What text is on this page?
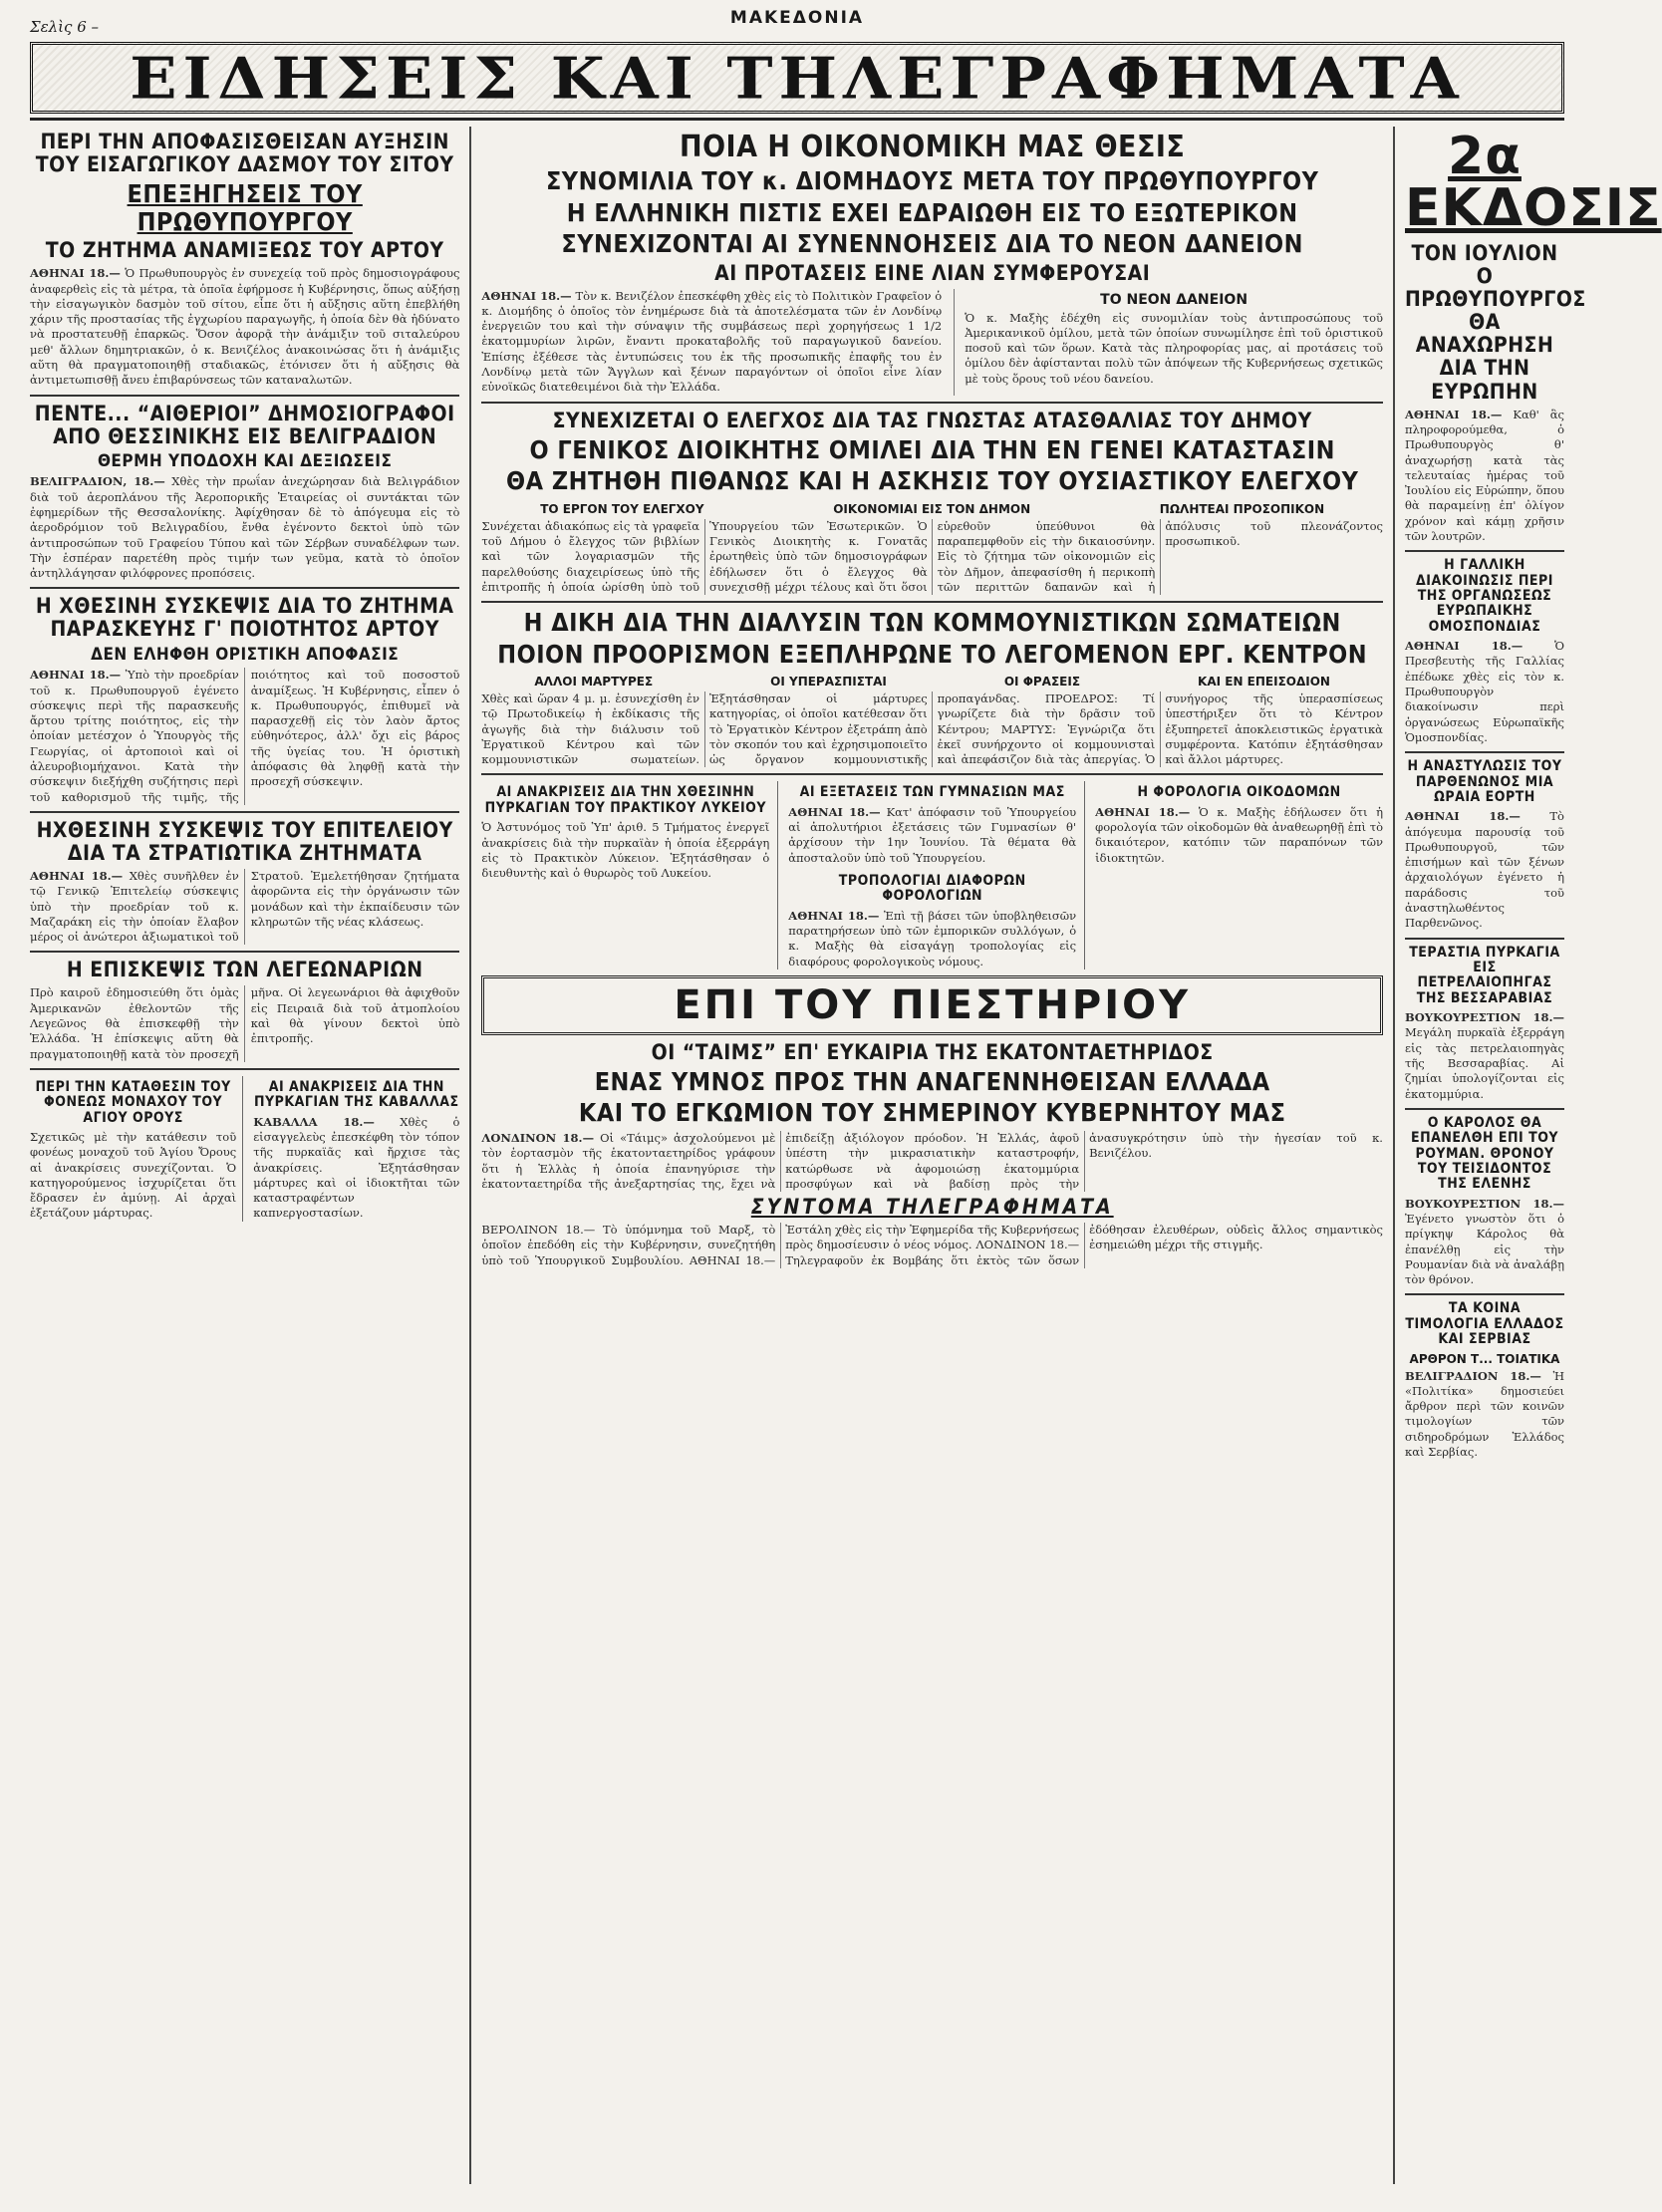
Σελὶς 6 –	ΜΑΚΕΔΟΝΙΑ
ΕΙΔΗΣΕΙΣ ΚΑΙ ΤΗΛΕΓΡΑΦΗΜΑΤΑ
ΠΕΡΙ ΤΗΝ ΑΠΟΦΑΣΙΣΘΕΙΣΑΝ ΑΥΞΗΣΙΝ ΤΟΥ ΕΙΣΑΓΩΓΙΚΟΥ ΔΑΣΜΟΥ ΤΟΥ ΣΙΤΟΥ
ΕΠΕΞΗΓΗΣΕΙΣ ΤΟΥ ΠΡΩΘΥΠΟΥΡΓΟΥ
ΤΟ ΖΗΤΗΜΑ ΑΝΑΜΙΞΕΩΣ ΤΟΥ ΑΡΤΟΥ
ΑΘΗΝΑΙ 18.— Ὁ Πρωθυπουργὸς ἐν συνεχείᾳ τοῦ πρὸς δημοσιογράφους ἀναφερθεὶς εἰς τὰ μέτρα, τὰ ὁποῖα ἐφήρμοσε ἡ Κυβέρνησις, ὅπως αὐξήσῃ τὴν εἰσαγωγικὸν δασμὸν τοῦ σίτου, εἶπε ὅτι ἡ αὔξησις αὕτη ἐπεβλήθη χάριν τῆς προστασίας τῆς ἐγχωρίου παραγωγῆς, ἡ ὁποία δὲν θὰ ἠδύνατο νὰ προστατευθῇ ἐπαρκῶς. Ὅσον ἀφορᾷ τὴν ἀνάμιξιν τοῦ σιταλεύρου μεθ' ἄλλων δημητριακῶν, ὁ κ. Βενιζέλος ἀνακοινώσας ὅτι ἡ ἀνάμιξις αὕτη θὰ πραγματοποιηθῇ σταδιακῶς, ἐτόνισεν ὅτι ἡ αὔξησις θὰ ἀντιμετωπισθῇ ἄνευ ἐπιβαρύνσεως τῶν καταναλωτῶν.
ΠΕΝΤΕ... “ΑΙΘΕΡΙΟΙ” ΔΗΜΟΣΙΟΓΡΑΦΟΙ ΑΠΟ ΘΕΣΣΙΝΙΚΗΣ ΕΙΣ ΒΕΛΙΓΡΑΔΙΟΝ
ΘΕΡΜΗ ΥΠΟΔΟΧΗ ΚΑΙ ΔΕΞΙΩΣΕΙΣ
ΒΕΛΙΓΡΑΔΙΟΝ, 18.— Χθὲς τὴν πρωΐαν ἀνεχώρησαν διὰ Βελιγράδιον διὰ τοῦ ἀεροπλάνου τῆς Ἀεροπορικῆς Ἑταιρείας οἱ συντάκται τῶν ἐφημερίδων τῆς Θεσσαλονίκης. Ἀφίχθησαν δὲ τὸ ἀπόγευμα εἰς τὸ ἀεροδρόμιον τοῦ Βελιγραδίου, ἔνθα ἐγένοντο δεκτοὶ ὑπὸ τῶν ἀντιπροσώπων τοῦ Γραφείου Τύπου καὶ τῶν Σέρβων συναδέλφων των. Τὴν ἑσπέραν παρετέθη πρὸς τιμήν των γεῦμα, κατὰ τὸ ὁποῖον ἀντηλλάγησαν φιλόφρονες προπόσεις.
Η ΧΘΕΣΙΝΗ ΣΥΣΚΕΨΙΣ ΔΙΑ ΤΟ ΖΗΤΗΜΑ ΠΑΡΑΣΚΕΥΗΣ Γ' ΠΟΙΟΤΗΤΟΣ ΑΡΤΟΥ
ΔΕΝ ΕΛΗΦΘΗ ΟΡΙΣΤΙΚΗ ΑΠΟΦΑΣΙΣ
ΑΘΗΝΑΙ 18.— Ὑπὸ τὴν προεδρίαν τοῦ κ. Πρωθυπουργοῦ ἐγένετο σύσκεψις περὶ τῆς παρασκευῆς ἄρτου τρίτης ποιότητος, εἰς τὴν ὁποίαν μετέσχον ὁ Ὑπουργὸς τῆς Γεωργίας, οἱ ἀρτοποιοὶ καὶ οἱ ἀλευροβιομήχανοι. Κατὰ τὴν σύσκεψιν διεξήχθη συζήτησις περὶ τοῦ καθορισμοῦ τῆς τιμῆς, τῆς ποιότητος καὶ τοῦ ποσοστοῦ ἀναμίξεως. Ἡ Κυβέρνησις, εἶπεν ὁ κ. Πρωθυπουργός, ἐπιθυμεῖ νὰ παρασχεθῇ εἰς τὸν λαὸν ἄρτος εὐθηνότερος, ἀλλ' ὄχι εἰς βάρος τῆς ὑγείας του. Ἡ ὁριστικὴ ἀπόφασις θὰ ληφθῇ κατὰ τὴν προσεχῆ σύσκεψιν.
ΗΧΘΕΣΙΝΗ ΣΥΣΚΕΨΙΣ ΤΟΥ ΕΠΙΤΕΛΕΙΟΥ ΔΙΑ ΤΑ ΣΤΡΑΤΙΩΤΙΚΑ ΖΗΤΗΜΑΤΑ
ΑΘΗΝΑΙ 18.— Χθὲς συνῆλθεν ἐν τῷ Γενικῷ Ἐπιτελείῳ σύσκεψις ὑπὸ τὴν προεδρίαν τοῦ κ. Μαζαράκη εἰς τὴν ὁποίαν ἔλαβον μέρος οἱ ἀνώτεροι ἀξιωματικοὶ τοῦ Στρατοῦ. Ἐμελετήθησαν ζητήματα ἀφορῶντα εἰς τὴν ὀργάνωσιν τῶν μονάδων καὶ τὴν ἐκπαίδευσιν τῶν κληρωτῶν τῆς νέας κλάσεως.
Η ΕΠΙΣΚΕΨΙΣ ΤΩΝ ΛΕΓΕΩΝΑΡΙΩΝ
Πρὸ καιροῦ ἐδημοσιεύθη ὅτι ὁμὰς Ἀμερικανῶν ἐθελοντῶν τῆς Λεγεῶνος θὰ ἐπισκεφθῇ τὴν Ἑλλάδα. Ἡ ἐπίσκεψις αὕτη θὰ πραγματοποιηθῇ κατὰ τὸν προσεχῆ μῆνα. Οἱ λεγεωνάριοι θὰ ἀφιχθοῦν εἰς Πειραιᾶ διὰ τοῦ ἀτμοπλοίου καὶ θὰ γίνουν δεκτοὶ ὑπὸ ἐπιτροπῆς.
ΠΕΡΙ ΤΗΝ ΚΑΤΑΘΕΣΙΝ ΤΟΥ ΦΟΝΕΩΣ ΜΟΝΑΧΟΥ ΤΟΥ ΑΓΙΟΥ ΟΡΟΥΣ
Σχετικῶς μὲ τὴν κατάθεσιν τοῦ φονέως μοναχοῦ τοῦ Ἁγίου Ὄρους αἱ ἀνακρίσεις συνεχίζονται. Ὁ κατηγορούμενος ἰσχυρίζεται ὅτι ἔδρασεν ἐν ἀμύνῃ. Αἱ ἀρχαὶ ἐξετάζουν μάρτυρας.
ΑΙ ΑΝΑΚΡΙΣΕΙΣ ΔΙΑ ΤΗΝ ΠΥΡΚΑΓΙΑΝ ΤΗΣ ΚΑΒΑΛΛΑΣ
ΚΑΒΑΛΛΑ 18.— Χθὲς ὁ εἰσαγγελεὺς ἐπεσκέφθη τὸν τόπον τῆς πυρκαϊᾶς καὶ ἤρχισε τὰς ἀνακρίσεις. Ἐξητάσθησαν μάρτυρες καὶ οἱ ἰδιοκτῆται τῶν καταστραφέντων καπνεργοστασίων.
ΠΟΙΑ Η ΟΙΚΟΝΟΜΙΚΗ ΜΑΣ ΘΕΣΙΣ
ΣΥΝΟΜΙΛΙΑ ΤΟΥ κ. ΔΙΟΜΗΔΟΥΣ ΜΕΤΑ ΤΟΥ ΠΡΩΘΥΠΟΥΡΓΟΥ
Η ΕΛΛΗΝΙΚΗ ΠΙΣΤΙΣ ΕΧΕΙ ΕΔΡΑΙΩΘΗ ΕΙΣ ΤΟ ΕΞΩΤΕΡΙΚΟΝ
ΣΥΝΕΧΙΖΟΝΤΑΙ ΑΙ ΣΥΝΕΝΝΟΗΣΕΙΣ ΔΙΑ ΤΟ ΝΕΟΝ ΔΑΝΕΙΟΝ
ΑΙ ΠΡΟΤΑΣΕΙΣ ΕΙΝΕ ΛΙΑΝ ΣΥΜΦΕΡΟΥΣΑΙ
ΑΘΗΝΑΙ 18.— Τὸν κ. Βενιζέλον ἐπεσκέφθη χθὲς εἰς τὸ Πολιτικὸν Γραφεῖον ὁ κ. Διομήδης ὁ ὁποῖος τὸν ἐνημέρωσε διὰ τὰ ἀποτελέσματα τῶν ἐν Λονδίνῳ ἐνεργειῶν του καὶ τὴν σύναψιν τῆς συμβάσεως περὶ χορηγήσεως 1 1/2 ἑκατομμυρίων λιρῶν, ἔναντι προκαταβολῆς τοῦ παραγωγικοῦ δανείου. Ἐπίσης ἐξέθεσε τὰς ἐντυπώσεις του ἐκ τῆς προσωπικῆς ἐπαφῆς του ἐν Λονδίνῳ μετὰ τῶν Ἄγγλων καὶ ξένων παραγόντων οἱ ὁποῖοι εἶνε λίαν εὐνοϊκῶς διατεθειμένοι διὰ τὴν Ἑλλάδα.
ΤΟ ΝΕΟΝ ΔΑΝΕΙΟΝ
Ὁ κ. Μαξὴς ἐδέχθη εἰς συνομιλίαν τοὺς ἀντιπροσώπους τοῦ Ἀμερικανικοῦ ὁμίλου, μετὰ τῶν ὁποίων συνωμίλησε ἐπὶ τοῦ ὁριστικοῦ ποσοῦ καὶ τῶν ὅρων. Κατὰ τὰς πληροφορίας μας, αἱ προτάσεις τοῦ ὁμίλου δὲν ἀφίστανται πολὺ τῶν ἀπόψεων τῆς Κυβερνήσεως σχετικῶς μὲ τοὺς ὅρους τοῦ νέου δανείου.
ΣΥΝΕΧΙΖΕΤΑΙ Ο ΕΛΕΓΧΟΣ ΔΙΑ ΤΑΣ ΓΝΩΣΤΑΣ ΑΤΑΣΘΑΛΙΑΣ ΤΟΥ ΔΗΜΟΥ
Ο ΓΕΝΙΚΟΣ ΔΙΟΙΚΗΤΗΣ ΟΜΙΛΕΙ ΔΙΑ ΤΗΝ ΕΝ ΓΕΝΕΙ ΚΑΤΑΣΤΑΣΙΝ
ΘΑ ΖΗΤΗΘΗ ΠΙΘΑΝΩΣ ΚΑΙ Η ΑΣΚΗΣΙΣ ΤΟΥ ΟΥΣΙΑΣΤΙΚΟΥ ΕΛΕΓΧΟΥ
ΤΟ ΕΡΓΟΝ ΤΟΥ ΕΛΕΓΧΟΥ	ΟΙΚΟΝΟΜΙΑΙ ΕΙΣ ΤΟΝ ΔΗΜΟΝ	ΠΩΛΗΤΕΑΙ ΠΡΟΣΟΠΙΚΟΝ
Συνέχεται ἀδιακόπως εἰς τὰ γραφεῖα τοῦ Δήμου ὁ ἔλεγχος τῶν βιβλίων καὶ τῶν λογαριασμῶν τῆς παρελθούσης διαχειρίσεως ὑπὸ τῆς ἐπιτροπῆς ἡ ὁποία ὡρίσθη ὑπὸ τοῦ Ὑπουργείου τῶν Ἐσωτερικῶν. Ὁ Γενικὸς Διοικητὴς κ. Γονατᾶς ἐρωτηθεὶς ὑπὸ τῶν δημοσιογράφων ἐδήλωσεν ὅτι ὁ ἔλεγχος θὰ συνεχισθῇ μέχρι τέλους καὶ ὅτι ὅσοι εὑρεθοῦν ὑπεύθυνοι θὰ παραπεμφθοῦν εἰς τὴν δικαιοσύνην. Εἰς τὸ ζήτημα τῶν οἰκονομιῶν εἰς τὸν Δῆμον, ἀπεφασίσθη ἡ περικοπὴ τῶν περιττῶν δαπανῶν καὶ ἡ ἀπόλυσις τοῦ πλεονάζοντος προσωπικοῦ.
Η ΔΙΚΗ ΔΙΑ ΤΗΝ ΔΙΑΛΥΣΙΝ ΤΩΝ ΚΟΜΜΟΥΝΙΣΤΙΚΩΝ ΣΩΜΑΤΕΙΩΝ
ΠΟΙΟΝ ΠΡΟΟΡΙΣΜΟΝ ΕΞΕΠΛΗΡΩΝΕ ΤΟ ΛΕΓΟΜΕΝΟΝ ΕΡΓ. ΚΕΝΤΡΟΝ
ΑΛΛΟΙ ΜΑΡΤΥΡΕΣ	ΟΙ ΥΠΕΡΑΣΠΙΣΤΑΙ	ΟΙ ΦΡΑΣΕΙΣ	ΚΑΙ ΕΝ ΕΠΕΙΣΟΔΙΟΝ
Χθὲς καὶ ὥραν 4 μ. μ. ἐσυνεχίσθη ἐν τῷ Πρωτοδικείῳ ἡ ἐκδίκασις τῆς ἀγωγῆς διὰ τὴν διάλυσιν τοῦ Ἐργατικοῦ Κέντρου καὶ τῶν κομμουνιστικῶν σωματείων. Ἐξητάσθησαν οἱ μάρτυρες κατηγορίας, οἱ ὁποῖοι κατέθεσαν ὅτι τὸ Ἐργατικὸν Κέντρον ἐξετράπη ἀπὸ τὸν σκοπόν του καὶ ἐχρησιμοποιεῖτο ὡς ὄργανον κομμουνιστικῆς προπαγάνδας. ΠΡΟΕΔΡΟΣ: Τί γνωρίζετε διὰ τὴν δρᾶσιν τοῦ Κέντρου; ΜΑΡΤΥΣ: Ἐγνώριζα ὅτι ἐκεῖ συνήρχοντο οἱ κομμουνισταὶ καὶ ἀπεφάσιζον διὰ τὰς ἀπεργίας. Ὁ συνήγορος τῆς ὑπερασπίσεως ὑπεστήριξεν ὅτι τὸ Κέντρον ἐξυπηρετεῖ ἀποκλειστικῶς ἐργατικὰ συμφέροντα. Κατόπιν ἐξητάσθησαν καὶ ἄλλοι μάρτυρες.
ΑΙ ΑΝΑΚΡΙΣΕΙΣ ΔΙΑ ΤΗΝ ΧΘΕΣΙΝΗΝ ΠΥΡΚΑΓΙΑΝ ΤΟΥ ΠΡΑΚΤΙΚΟΥ ΛΥΚΕΙΟΥ
Ὁ Ἀστυνόμος τοῦ Ὑπ' ἀριθ. 5 Τμήματος ἐνεργεῖ ἀνακρίσεις διὰ τὴν πυρκαϊὰν ἡ ὁποία ἐξερράγη εἰς τὸ Πρακτικὸν Λύκειον. Ἐξητάσθησαν ὁ διευθυντὴς καὶ ὁ θυρωρὸς τοῦ Λυκείου.
ΑΙ ΕΞΕΤΑΣΕΙΣ ΤΩΝ ΓΥΜΝΑΣΙΩΝ ΜΑΣ
ΑΘΗΝΑΙ 18.— Κατ' ἀπόφασιν τοῦ Ὑπουργείου αἱ ἀπολυτήριοι ἐξετάσεις τῶν Γυμνασίων θ' ἀρχίσουν τὴν 1ην Ἰουνίου. Τὰ θέματα θὰ ἀποσταλοῦν ὑπὸ τοῦ Ὑπουργείου.
ΤΡΟΠΟΛΟΓΙΑΙ ΔΙΑΦΟΡΩΝ ΦΟΡΟΛΟΓΙΩΝ
ΑΘΗΝΑΙ 18.— Ἐπὶ τῇ βάσει τῶν ὑποβληθεισῶν παρατηρήσεων ὑπὸ τῶν ἐμπορικῶν συλλόγων, ὁ κ. Μαξὴς θὰ εἰσαγάγῃ τροπολογίας εἰς διαφόρους φορολογικοὺς νόμους.
Η ΦΟΡΟΛΟΓΙΑ ΟΙΚΟΔΟΜΩΝ
ΑΘΗΝΑΙ 18.— Ὁ κ. Μαξὴς ἐδήλωσεν ὅτι ἡ φορολογία τῶν οἰκοδομῶν θὰ ἀναθεωρηθῇ ἐπὶ τὸ δικαιότερον, κατόπιν τῶν παραπόνων τῶν ἰδιοκτητῶν.
ΕΠΙ ΤΟΥ ΠΙΕΣΤΗΡΙΟΥ
ΟΙ “ΤΑΙΜΣ” ΕΠ' ΕΥΚΑΙΡΙΑ ΤΗΣ ΕΚΑΤΟΝΤΑΕΤΗΡΙΔΟΣ
ΕΝΑΣ ΥΜΝΟΣ ΠΡΟΣ ΤΗΝ ΑΝΑΓΕΝΝΗΘΕΙΣΑΝ ΕΛΛΑΔΑ
ΚΑΙ ΤΟ ΕΓΚΩΜΙΟΝ ΤΟΥ ΣΗΜΕΡΙΝΟΥ ΚΥΒΕΡΝΗΤΟΥ ΜΑΣ
ΛΟΝΔΙΝΟΝ 18.— Οἱ «Τάιμς» ἀσχολούμενοι μὲ τὸν ἑορτασμὸν τῆς ἑκατονταετηρίδος γράφουν ὅτι ἡ Ἑλλὰς ἡ ὁποία ἐπανηγύρισε τὴν ἑκατονταετηρίδα τῆς ἀνεξαρτησίας της, ἔχει νὰ ἐπιδείξῃ ἀξιόλογον πρόοδον. Ἡ Ἑλλάς, ἀφοῦ ὑπέστη τὴν μικρασιατικὴν καταστροφήν, κατώρθωσε νὰ ἀφομοιώσῃ ἑκατομμύρια προσφύγων καὶ νὰ βαδίσῃ πρὸς τὴν ἀνασυγκρότησιν ὑπὸ τὴν ἡγεσίαν τοῦ κ. Βενιζέλου.
ΣΥΝΤΟΜΑ ΤΗΛΕΓΡΑΦΗΜΑΤΑ
ΒΕΡΟΛΙΝΟΝ 18.— Τὸ ὑπόμνημα τοῦ Μαρξ, τὸ ὁποῖον ἐπεδόθη εἰς τὴν Κυβέρνησιν, συνεζητήθη ὑπὸ τοῦ Ὑπουργικοῦ Συμβουλίου. ΑΘΗΝΑΙ 18.— Ἐστάλη χθὲς εἰς τὴν Ἐφημερίδα τῆς Κυβερνήσεως πρὸς δημοσίευσιν ὁ νέος νόμος. ΛΟΝΔΙΝΟΝ 18.— Τηλεγραφοῦν ἐκ Βομβάης ὅτι ἐκτὸς τῶν ὅσων ἐδόθησαν ἐλευθέρων, οὐδεὶς ἄλλος σημαντικὸς ἐσημειώθη μέχρι τῆς στιγμῆς.
2α ΕΚΔΟΣΙΣ
ΤΟΝ ΙΟΥΛΙΟΝ Ο ΠΡΩΘΥΠΟΥΡΓΟΣ ΘΑ ΑΝΑΧΩΡΗΣΗ ΔΙΑ ΤΗΝ ΕΥΡΩΠΗΝ
ΑΘΗΝΑΙ 18.— Καθ' ἃς πληροφορούμεθα, ὁ Πρωθυπουργὸς θ' ἀναχωρήσῃ κατὰ τὰς τελευταίας ἡμέρας τοῦ Ἰουλίου εἰς Εὐρώπην, ὅπου θὰ παραμείνῃ ἐπ' ὀλίγον χρόνον καὶ κάμῃ χρῆσιν τῶν λουτρῶν.
Η ΓΑΛΛΙΚΗ ΔΙΑΚΟΙΝΩΣΙΣ ΠΕΡΙ ΤΗΣ ΟΡΓΑΝΩΣΕΩΣ ΕΥΡΩΠΑΙΚΗΣ ΟΜΟΣΠΟΝΔΙΑΣ
ΑΘΗΝΑΙ 18.—	Ὁ Πρεσβευτὴς τῆς Γαλλίας ἐπέδωκε χθὲς εἰς τὸν κ. Πρωθυπουργὸν διακοίνωσιν περὶ ὀργανώσεως Εὐρωπαϊκῆς Ὁμοσπονδίας.
Η ΑΝΑΣΤΥΛΩΣΙΣ ΤΟΥ ΠΑΡΘΕΝΩΝΟΣ ΜΙΑ ΩΡΑΙΑ ΕΟΡΤΗ
ΑΘΗΝΑΙ 18.—	Τὸ ἀπόγευμα παρουσίᾳ τοῦ Πρωθυπουργοῦ, τῶν ἐπισήμων καὶ τῶν ξένων ἀρχαιολόγων ἐγένετο ἡ παράδοσις τοῦ ἀναστηλωθέντος Παρθενῶνος.
ΤΕΡΑΣΤΙΑ ΠΥΡΚΑΓΙΑ ΕΙΣ ΠΕΤΡΕΛΑΙΟΠΗΓΑΣ ΤΗΣ ΒΕΣΣΑΡΑΒΙΑΣ
ΒΟΥΚΟΥΡΕΣΤΙΟΝ 18.— Μεγάλη πυρκαϊὰ ἐξερράγη εἰς τὰς πετρελαιοπηγὰς τῆς Βεσσαραβίας. Αἱ ζημίαι ὑπολογίζονται εἰς ἑκατομμύρια.
Ο ΚΑΡΟΛΟΣ ΘΑ ΕΠΑΝΕΛΘΗ ΕΠΙ ΤΟΥ ΡΟΥΜΑΝ. ΘΡΟΝΟΥ ΤΟΥ ΤΕΙΣΙΔΟΝΤΟΣ ΤΗΣ ΕΛΕΝΗΣ
ΒΟΥΚΟΥΡΕΣΤΙΟΝ 18.— Ἐγένετο γνωστὸν ὅτι ὁ πρίγκηψ Κάρολος θὰ ἐπανέλθῃ εἰς τὴν Ρουμανίαν διὰ νὰ ἀναλάβῃ τὸν θρόνον.
ΤΑ ΚΟΙΝΑ ΤΙΜΟΛΟΓΙΑ ΕΛΛΑΔΟΣ ΚΑΙ ΣΕΡΒΙΑΣ
ΑΡΘΡΟΝ Τ... ΤΟΙΑΤΙΚΑ
ΒΕΛΙΓΡΑΔΙΟΝ 18.— Ἡ «Πολιτίκα» δημοσιεύει ἄρθρον περὶ τῶν κοινῶν τιμολογίων τῶν σιδηροδρόμων Ἑλλάδος καὶ Σερβίας.
